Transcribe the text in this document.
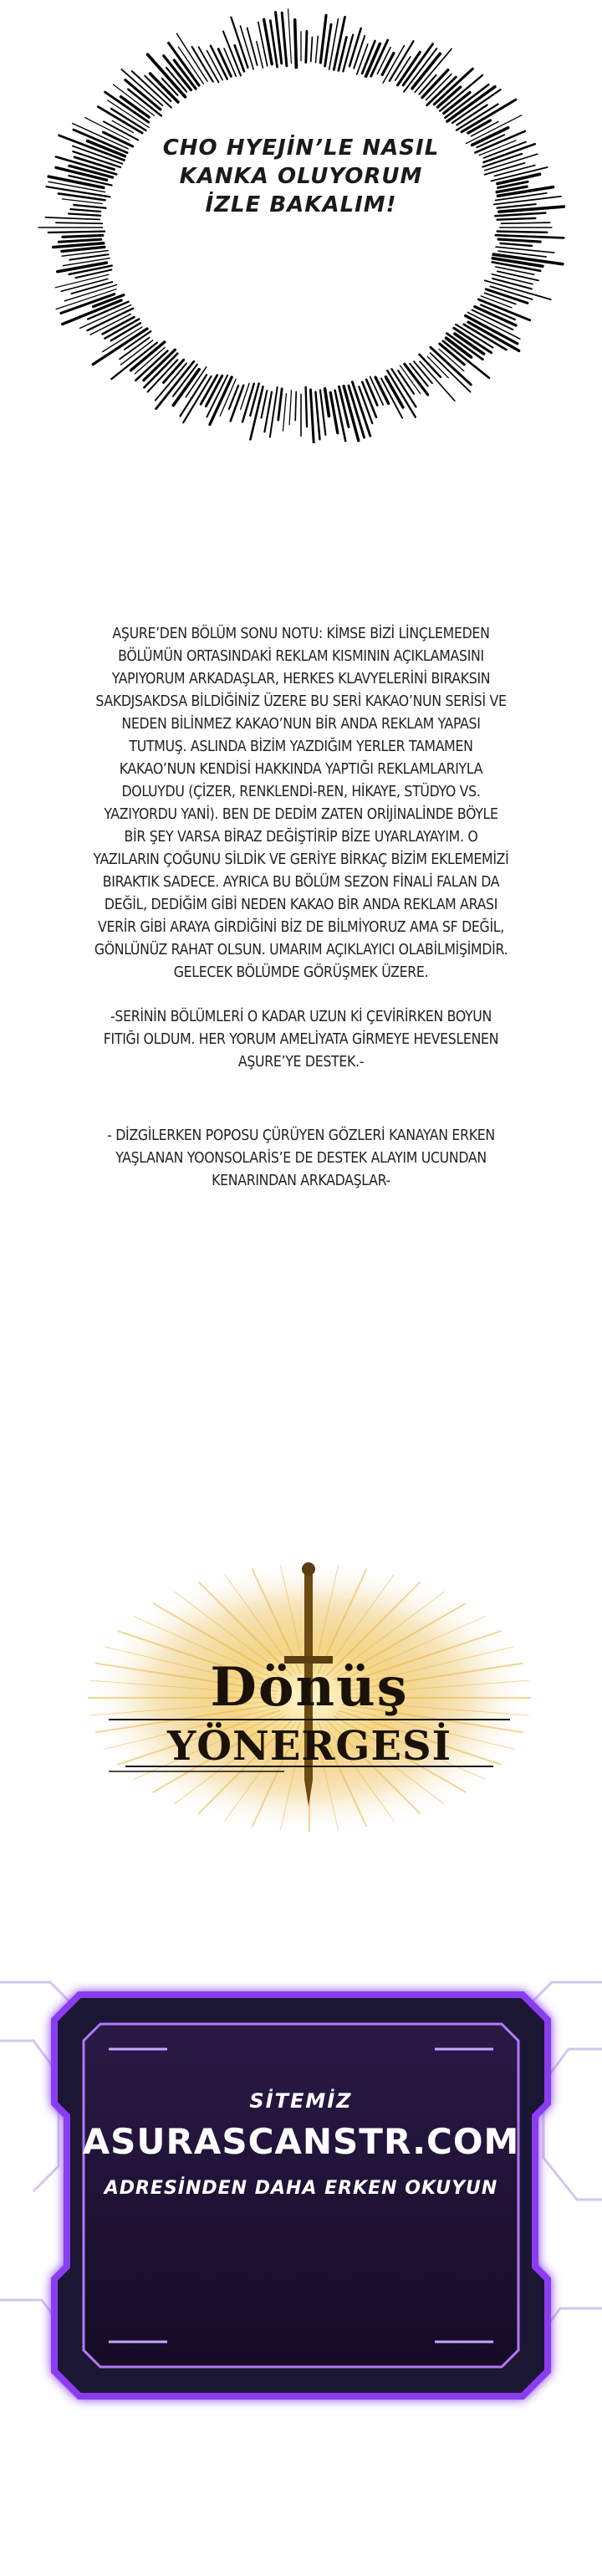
CHO HYEJİN’LE NASIL
KANKA OLUYORUM
İZLE BAKALIM!
AŞURE’DEN BÖLÜM SONU NOTU: KİMSE BİZİ LİNÇLEMEDEN BÖLÜMÜN ORTASINDAKİ REKLAM KISMININ AÇIKLAMASINI YAPIYORUM ARKADAŞLAR, HERKES KLAVYELERİNİ BIRAKSIN SAKDJSAKDSA BİLDİĞİNİZ ÜZERE BU SERİ KAKAO’NUN SERİSİ VE NEDEN BİLİNMEZ KAKAO’NUN BİR ANDA REKLAM YAPASI TUTMUŞ. ASLINDA BİZİM YAZDIĞIM YERLER TAMAMEN KAKAO’NUN KENDİSİ HAKKINDA YAPTIĞI REKLAMLARIYLA DOLUYDU (ÇİZER, RENKLENDİ-REN, HİKAYE, STÜDYO VS. YAZIYORDU YANİ). BEN DE DEDİM ZATEN ORİJİNALİNDE BÖYLE BİR ŞEY VARSA BİRAZ DEĞİŞTİRİP BİZE UYARLAYAYIM. O YAZILARIN ÇOĞUNU SİLDİK VE GERİYE BİRKAÇ BİZİM EKLEMEMİZİ BIRAKTIK SADECE. AYRICA BU BÖLÜM SEZON FİNALİ FALAN DA DEĞİL, DEDİĞİM GİBİ NEDEN KAKAO BİR ANDA REKLAM ARASI VERİR GİBİ ARAYA GİRDİĞİNİ BİZ DE BİLMİYORUZ AMA SF DEĞİL, GÖNLÜNÜZ RAHAT OLSUN. UMARIM AÇIKLAYICI OLABİLMİŞİMDİR. GELECEK BÖLÜMDE GÖRÜŞMEK ÜZERE.
-SERİNİN BÖLÜMLERİ O KADAR UZUN Kİ ÇEVİRİRKEN BOYUN FITIĞI OLDUM. HER YORUM AMELİYATA GİRMEYE HEVESLENEN AŞURE’YE DESTEK.-
- DİZGİLERKEN POPOSU ÇÜRÜYEN GÖZLERİ KANAYAN ERKEN YAŞLANAN YOONSOLARİS’E DE DESTEK ALAYIM UCUNDAN KENARINDAN ARKADAŞLAR-
Dönüş
YÖNERGESİ
SİTEMİZ
ASURASCANSTR.COM
ADRESİNDEN DAHA ERKEN OKUYUN
